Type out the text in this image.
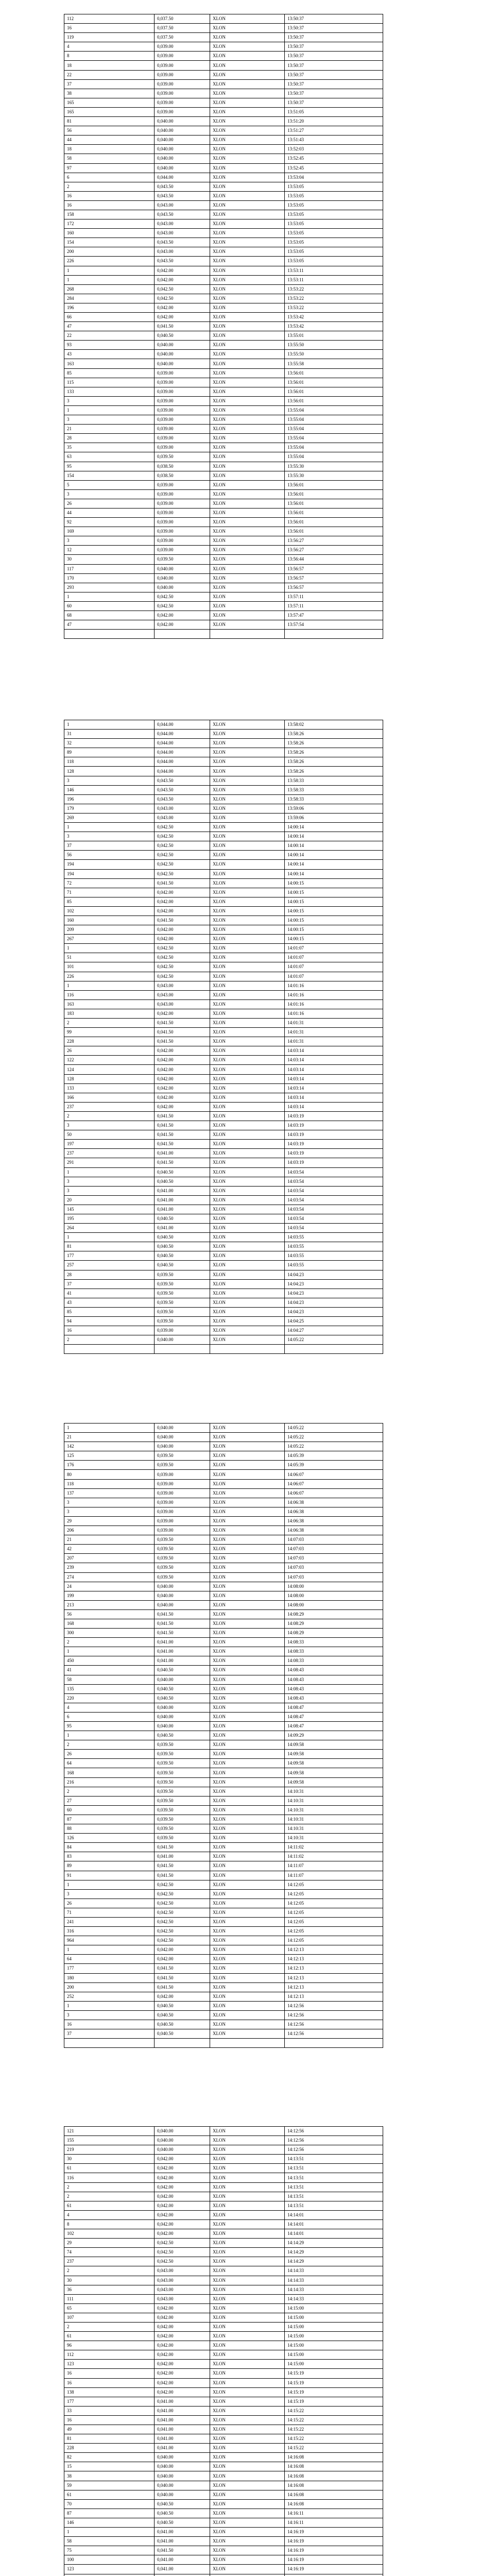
112	0,037.50	XLON	13:50:37
16	0,037.50	XLON	13:50:37
119	0,037.50	XLON	13:50:37
4	0,039.00	XLON	13:50:37
8	0,039.00	XLON	13:50:37
18	0,039.00	XLON	13:50:37
22	0,039.00	XLON	13:50:37
37	0,039.00	XLON	13:50:37
38	0,039.00	XLON	13:50:37
165	0,039.00	XLON	13:50:37
165	0,039.00	XLON	13:51:05
81	0,040.00	XLON	13:51:20
56	0,040.00	XLON	13:51:27
44	0,040.00	XLON	13:51:43
18	0,040.00	XLON	13:52:03
58	0,040.00	XLON	13:52:45
97	0,040.00	XLON	13:52:45
6	0,044.00	XLON	13:53:04
2	0,043.50	XLON	13:53:05
16	0,043.50	XLON	13:53:05
16	0,043.00	XLON	13:53:05
158	0,043.50	XLON	13:53:05
172	0,043.00	XLON	13:53:05
160	0,043.00	XLON	13:53:05
154	0,043.50	XLON	13:53:05
200	0,043.00	XLON	13:53:05
226	0,043.50	XLON	13:53:05
1	0,042.00	XLON	13:53:11
1	0,042.00	XLON	13:53:11
268	0,042.50	XLON	13:53:22
284	0,042.50	XLON	13:53:22
196	0,042.00	XLON	13:53:22
66	0,042.00	XLON	13:53:42
47	0,041.50	XLON	13:53:42
22	0,040.50	XLON	13:55:01
93	0,040.00	XLON	13:55:50
43	0,040.00	XLON	13:55:50
163	0,040.00	XLON	13:55:58
85	0,039.00	XLON	13:56:01
115	0,039.00	XLON	13:56:01
133	0,039.00	XLON	13:56:01
3	0,039.00	XLON	13:56:01
1	0,039.00	XLON	13:55:04
3	0,039.00	XLON	13:55:04
21	0,039.00	XLON	13:55:04
28	0,039.00	XLON	13:55:04
35	0,039.00	XLON	13:55:04
63	0,039.50	XLON	13:55:04
95	0,038.50	XLON	13:55:30
154	0,038.50	XLON	13:55:30
5	0,039.00	XLON	13:56:01
3	0,039.00	XLON	13:56:01
26	0,039.00	XLON	13:56:01
44	0,039.00	XLON	13:56:01
92	0,039.00	XLON	13:56:01
169	0,039.00	XLON	13:56:01
3	0,039.00	XLON	13:56:27
12	0,039.00	XLON	13:56:27
30	0,039.50	XLON	13:56:44
117	0,040.00	XLON	13:56:57
170	0,040.00	XLON	13:56:57
293	0,040.00	XLON	13:56:57
1	0,042.50	XLON	13:57:11
60	0,042.50	XLON	13:57:11
68	0,042.00	XLON	13:57:47
47	0,042.00	XLON	13:57:54

1	0,044.00	XLON	13:58:02
31	0,044.00	XLON	13:58:26
32	0,044.00	XLON	13:58:26
89	0,044.00	XLON	13:58:26
118	0,044.00	XLON	13:58:26
128	0,044.00	XLON	13:58:26
3	0,043.50	XLON	13:58:33
146	0,043.50	XLON	13:58:33
196	0,043.50	XLON	13:58:33
179	0,043.00	XLON	13:59:06
269	0,043.00	XLON	13:59:06
1	0,042.50	XLON	14:00:14
3	0,042.50	XLON	14:00:14
37	0,042.50	XLON	14:00:14
56	0,042.50	XLON	14:00:14
194	0,042.50	XLON	14:00:14
194	0,042.50	XLON	14:00:14
72	0,041.50	XLON	14:00:15
71	0,042.00	XLON	14:00:15
85	0,042.00	XLON	14:00:15
102	0,042.00	XLON	14:00:15
160	0,041.50	XLON	14:00:15
209	0,042.00	XLON	14:00:15
267	0,042.00	XLON	14:00:15
1	0,042.50	XLON	14:01:07
51	0,042.50	XLON	14:01:07
101	0,042.50	XLON	14:01:07
226	0,042.50	XLON	14:01:07
1	0,043.00	XLON	14:01:16
116	0,043.00	XLON	14:01:16
163	0,043.00	XLON	14:01:16
183	0,042.00	XLON	14:01:16
2	0,041.50	XLON	14:01:31
99	0,041.50	XLON	14:01:31
228	0,041.50	XLON	14:01:31
26	0,042.00	XLON	14:03:14
122	0,042.00	XLON	14:03:14
124	0,042.00	XLON	14:03:14
128	0,042.00	XLON	14:03:14
133	0,042.00	XLON	14:03:14
166	0,042.00	XLON	14:03:14
237	0,042.00	XLON	14:03:14
2	0,041.50	XLON	14:03:19
3	0,041.50	XLON	14:03:19
50	0,041.50	XLON	14:03:19
197	0,041.50	XLON	14:03:19
237	0,041.00	XLON	14:03:19
291	0,041.50	XLON	14:03:19
1	0,040.50	XLON	14:03:54
3	0,040.50	XLON	14:03:54
3	0,041.00	XLON	14:03:54
20	0,041.00	XLON	14:03:54
145	0,041.00	XLON	14:03:54
195	0,040.50	XLON	14:03:54
264	0,041.00	XLON	14:03:54
1	0,040.50	XLON	14:03:55
81	0,040.50	XLON	14:03:55
177	0,040.50	XLON	14:03:55
257	0,040.50	XLON	14:03:55
28	0,039.50	XLON	14:04:23
37	0,039.50	XLON	14:04:23
41	0,039.50	XLON	14:04:23
43	0,039.50	XLON	14:04:23
85	0,039.50	XLON	14:04:23
94	0,039.50	XLON	14:04:25
16	0,039.00	XLON	14:04:27
2	0,040.00	XLON	14:05:22

1	0,040.00	XLON	14:05:22
21	0,040.00	XLON	14:05:22
142	0,040.00	XLON	14:05:22
125	0,039.50	XLON	14:05:39
176	0,039.50	XLON	14:05:39
80	0,039.00	XLON	14:06:07
118	0,039.00	XLON	14:06:07
137	0,039.00	XLON	14:06:07
3	0,039.00	XLON	14:06:38
3	0,039.00	XLON	14:06:38
29	0,039.00	XLON	14:06:38
206	0,039.00	XLON	14:06:38
21	0,039.50	XLON	14:07:03
42	0,039.50	XLON	14:07:03
207	0,039.50	XLON	14:07:03
239	0,039.50	XLON	14:07:03
274	0,039.50	XLON	14:07:03
24	0,040.00	XLON	14:08:00
199	0,040.00	XLON	14:08:00
213	0,040.00	XLON	14:08:00
56	0,041.50	XLON	14:08:29
168	0,041.50	XLON	14:08:29
300	0,041.50	XLON	14:08:29
2	0,041.00	XLON	14:08:33
1	0,041.00	XLON	14:08:33
450	0,041.00	XLON	14:08:33
41	0,040.50	XLON	14:08:43
58	0,040.00	XLON	14:08:43
135	0,040.50	XLON	14:08:43
220	0,040.50	XLON	14:08:43
4	0,040.00	XLON	14:08:47
6	0,040.00	XLON	14:08:47
95	0,040.00	XLON	14:08:47
1	0,040.50	XLON	14:09:29
2	0,039.50	XLON	14:09:58
26	0,039.50	XLON	14:09:58
64	0,039.50	XLON	14:09:58
168	0,039.50	XLON	14:09:58
216	0,039.50	XLON	14:09:58
2	0,039.50	XLON	14:10:31
27	0,039.50	XLON	14:10:31
60	0,039.50	XLON	14:10:31
87	0,039.50	XLON	14:10:31
88	0,039.50	XLON	14:10:31
126	0,039.50	XLON	14:10:31
84	0,041.50	XLON	14:11:02
83	0,041.00	XLON	14:11:02
89	0,041.50	XLON	14:11:07
91	0,041.50	XLON	14:11:07
1	0,042.50	XLON	14:12:05
3	0,042.50	XLON	14:12:05
26	0,042.50	XLON	14:12:05
71	0,042.50	XLON	14:12:05
241	0,042.50	XLON	14:12:05
316	0,042.50	XLON	14:12:05
964	0,042.50	XLON	14:12:05
1	0,042.00	XLON	14:12:13
64	0,042.00	XLON	14:12:13
177	0,041.50	XLON	14:12:13
180	0,041.50	XLON	14:12:13
200	0,041.50	XLON	14:12:13
252	0,042.00	XLON	14:12:13
1	0,040.50	XLON	14:12:56
3	0,040.50	XLON	14:12:56
16	0,040.50	XLON	14:12:56
37	0,040.50	XLON	14:12:56

121	0,040.00	XLON	14:12:56
155	0,040.00	XLON	14:12:56
219	0,040.00	XLON	14:12:56
30	0,042.00	XLON	14:13:51
61	0,042.00	XLON	14:13:51
116	0,042.00	XLON	14:13:51
2	0,042.00	XLON	14:13:51
2	0,042.00	XLON	14:13:51
61	0,042.00	XLON	14:13:51
4	0,042.00	XLON	14:14:01
8	0,042.00	XLON	14:14:01
102	0,042.00	XLON	14:14:01
29	0,042.50	XLON	14:14:29
74	0,042.50	XLON	14:14:29
237	0,042.50	XLON	14:14:29
2	0,043.00	XLON	14:14:33
30	0,043.00	XLON	14:14:33
36	0,043.00	XLON	14:14:33
111	0,043.00	XLON	14:14:33
65	0,042.00	XLON	14:15:00
107	0,042.00	XLON	14:15:00
2	0,042.00	XLON	14:15:00
61	0,042.00	XLON	14:15:00
96	0,042.00	XLON	14:15:00
112	0,042.00	XLON	14:15:00
123	0,042.00	XLON	14:15:00
16	0,042.00	XLON	14:15:19
16	0,042.00	XLON	14:15:19
138	0,042.00	XLON	14:15:19
177	0,041.00	XLON	14:15:19
33	0,041.00	XLON	14:15:22
16	0,041.00	XLON	14:15:22
49	0,041.00	XLON	14:15:22
81	0,041.00	XLON	14:15:22
228	0,041.00	XLON	14:15:22
82	0,040.00	XLON	14:16:08
15	0,040.00	XLON	14:16:08
38	0,040.00	XLON	14:16:08
59	0,040.00	XLON	14:16:08
61	0,040.00	XLON	14:16:08
70	0,040.50	XLON	14:16:08
87	0,040.50	XLON	14:16:11
146	0,040.50	XLON	14:16:11
1	0,041.00	XLON	14:16:19
58	0,041.00	XLON	14:16:19
75	0,041.50	XLON	14:16:19
100	0,041.00	XLON	14:16:19
123	0,041.00	XLON	14:16:19
